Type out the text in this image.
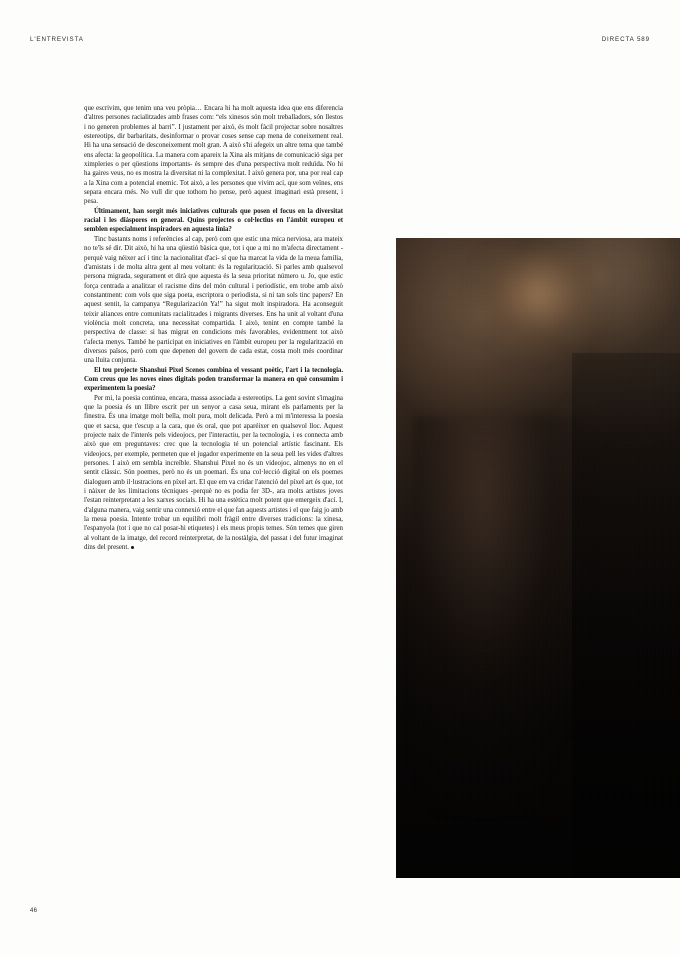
L'ENTREVISTA	DIRECTA 589

que escrivim, que tenim una veu pròpia… Encara hi ha molt aquesta idea que ens diferencia d'altres persones racialitzades amb frases com: “els xinesos són molt treballadors, són llestos i no generen problemes al barri”. I justament per això, és molt fàcil projectar sobre nosaltres estereotips, dir barbaritats, desinformar o provar coses sense cap mena de coneixement real. Hi ha una sensació de desconeixement molt gran. A això s'hi afegeix un altre tema que també ens afecta: la geopolítica. La manera com apareix la Xina als mitjans de comunicació siga per ximpleries o per qüestions importants- és sempre des d'una perspectiva molt reduïda. No hi ha gaires veus, no es mostra la diversitat ni la complexitat. I això genera por, una por real cap a la Xina com a potencial enemic. Tot això, a les persones que vivim ací, que som veïnes, ens separa encara més. No vull dir que tothom ho pense, però aquest imaginari està present, i pesa.

Últimament, han sorgit més iniciatives culturals que posen el focus en la diversitat racial i les diàspores en general. Quins projectes o col·lectius en l'àmbit europeu et semblen especialment inspiradors en aquesta línia?

Tinc bastants noms i referències al cap, però com que estic una mica nerviosa, ara mateix no te'ls sé dir. Dit això, hi ha una qüestió bàsica que, tot i que a mi no m'afecta directament -perquè vaig néixer ací i tinc la nacionalitat d'ací- sí que ha marcat la vida de la meua família, d'amistats i de molta altra gent al meu voltant: és la regularització. Si parles amb qualsevol persona migrada, segurament et dirà que aquesta és la seua prioritat número u. Jo, que estic força centrada a analitzar el racisme dins del món cultural i periodístic, em trobe amb això constantment: com vols que siga poeta, escriptora o periodista, si ni tan sols tinc papers? En aquest sentit, la campanya “Regularización Ya!” ha sigut molt inspiradora. Ha aconseguit teixir aliances entre comunitats racialitzades i migrants diverses. Ens ha unit al voltant d'una violència molt concreta, una necessitat compartida. I això, tenint en compte també la perspectiva de classe: si has migrat en condicions més favorables, evidentment tot això t'afecta menys. També he participat en iniciatives en l'àmbit europeu per la regularització en diversos països, però com que depenen del govern de cada estat, costa molt més coordinar una lluita conjunta.

El teu projecte Shanshui Pixel Scenes combina el vessant poètic, l'art i la tecnologia. Com creus que les noves eines digitals poden transformar la manera en què consumim i experimentem la poesia?

Per mi, la poesia continua, encara, massa associada a estereotips. La gent sovint s'imagina que la poesia és un llibre escrit per un senyor a casa seua, mirant els parlaments per la finestra. És una imatge molt bella, molt pura, molt delicada. Però a mi m'interessa la poesia que et sacsa, que t'escup a la cara, que és oral, que pot aparéixer en qualsevol lloc. Aquest projecte naix de l'interés pels videojocs, per l'interactiu, per la tecnologia, i es connecta amb això que em preguntaves: crec que la tecnologia té un potencial artístic fascinant. Els videojocs, per exemple, permeten que el jugador experimente en la seua pell les vides d'altres persones. I això em sembla increïble. Shanshui Pixel no és un videojoc, almenys no en el sentit clàssic. Són poemes, però no és un poemari. És una col·lecció digital on els poemes dialoguen amb il·lustracions en píxel art. El que em va cridar l'atenció del píxel art és que, tot i nàixer de les limitacions tècniques -perquè no es podia fer 3D-, ara molts artistes joves l'estan reinterpretant a les xarxes socials. Hi ha una estètica molt potent que emergeix d'ací. I, d'alguna manera, vaig sentir una connexió entre el que fan aquests artistes i el que faig jo amb la meua poesia. Intente trobar un equilibri molt fràgil entre diverses tradicions: la xinesa, l'espanyola (tot i que no cal posar-hi etiquetes) i els meus propis temes. Són temes que giren al voltant de la imatge, del record reinterpretat, de la nostàlgia, del passat i del futur imaginat dins del present.

46
